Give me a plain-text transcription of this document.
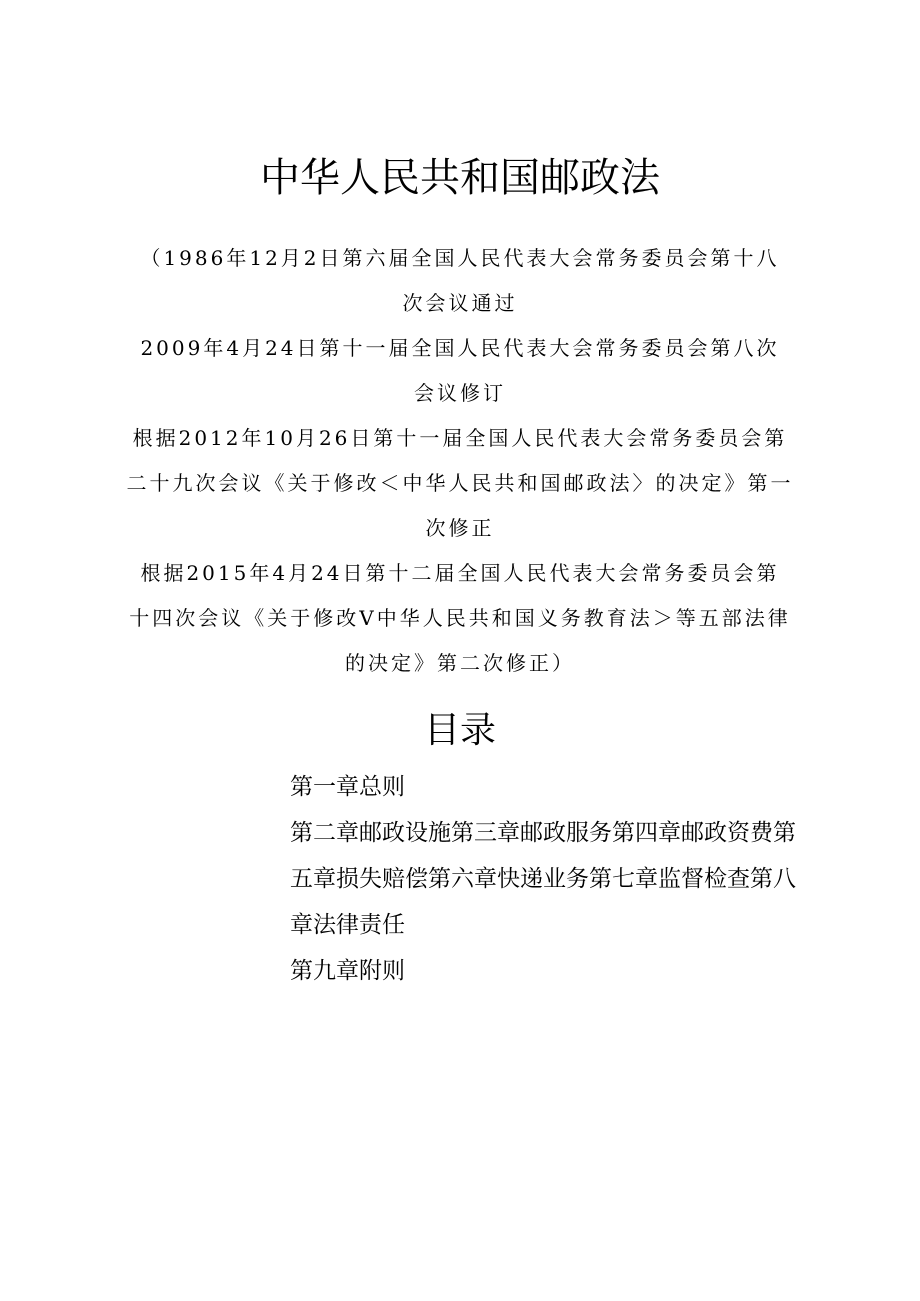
中华人民共和国邮政法
（1986年12月2日第六届全国人民代表大会常务委员会第十八
次会议通过
2009年4月24日第十一届全国人民代表大会常务委员会第八次
会议修订
根据2012年10月26日第十一届全国人民代表大会常务委员会第
二十九次会议《关于修改＜中华人民共和国邮政法〉的决定》第一
次修正
根据2015年4月24日第十二届全国人民代表大会常务委员会第
十四次会议《关于修改V中华人民共和国义务教育法＞等五部法律
的决定》第二次修正）
目录
第一章总则
第二章邮政设施第三章邮政服务第四章邮政资费第
五章损失赔偿第六章快递业务第七章监督检查第八
章法律责任
第九章附则
